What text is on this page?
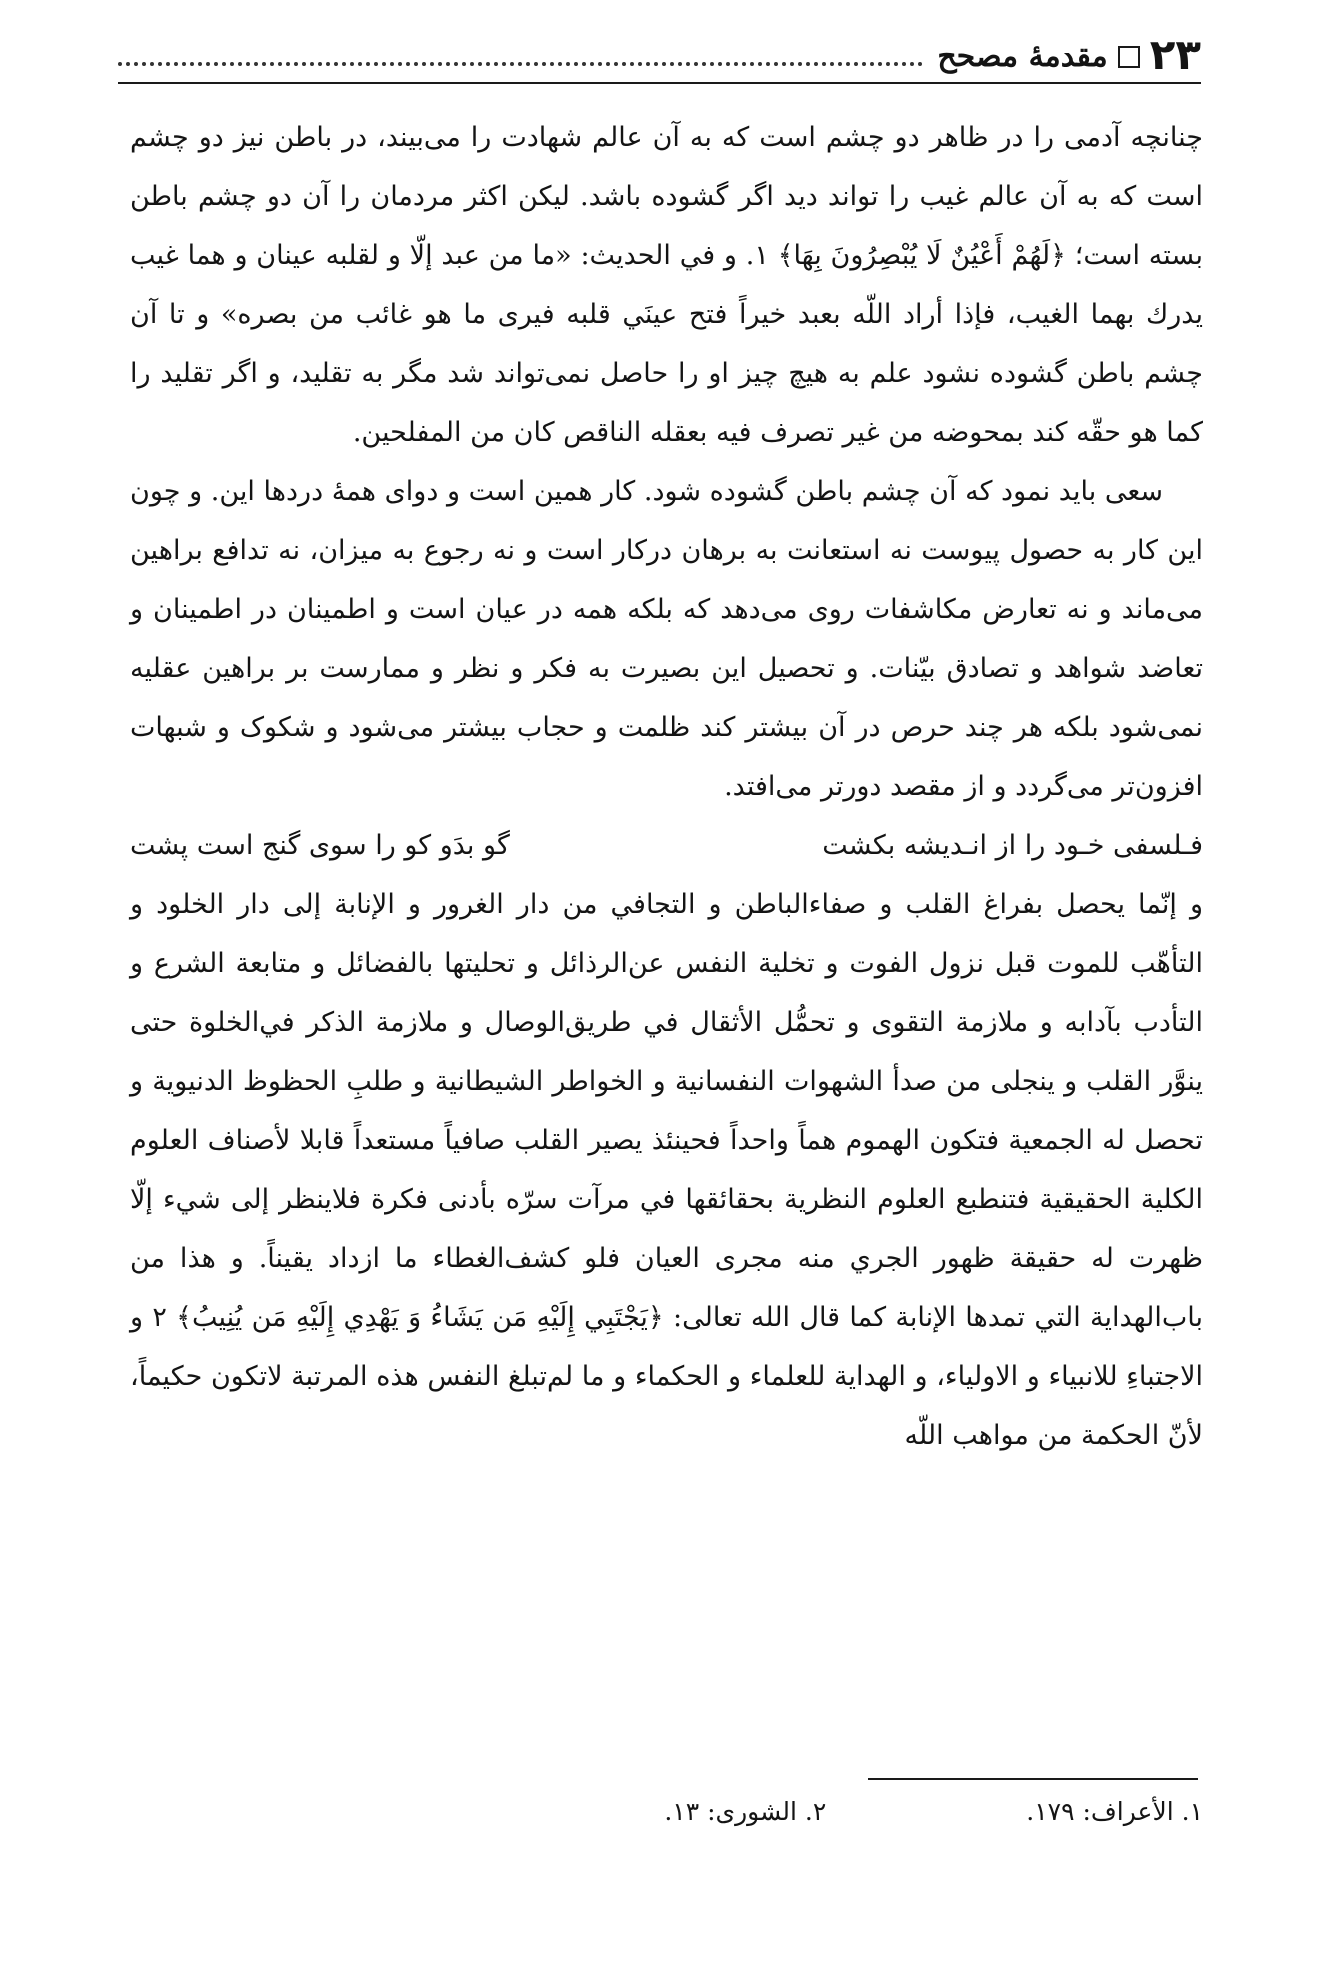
۲۳
مقدمهٔ مصحح

چنانچه آدمی را در ظاهر دو چشم است که به آن عالم شهادت را می‌بیند، در باطن نیز دو چشم است که به آن عالم غیب را تواند دید اگر گشوده باشد. لیکن اکثر مردمان را آن دو چشم باطن بسته است؛ ﴿لَهُمْ أَعْيُنٌ لَا يُبْصِرُونَ بِهَا﴾ ۱. و في الحديث: «ما من عبد إلّا و لقلبه عينان و هما غيب يدرك بهما الغيب، فإذا أراد اللّه بعبد خيراً فتح عينَي قلبه فيرى ما هو غائب من بصره» و تا آن چشم باطن گشوده نشود علم به هیچ چیز او را حاصل نمی‌تواند شد مگر به تقلید، و اگر تقلید را کما هو حقّه کند بمحوضه من غير تصرف فيه بعقله الناقص كان من المفلحين.

سعی باید نمود که آن چشم باطن گشوده شود. کار همین است و دوای همهٔ دردها این. و چون این کار به حصول پیوست نه استعانت به برهان درکار است و نه رجوع به میزان، نه تدافع براهین می‌ماند و نه تعارض مکاشفات روی می‌دهد که بلکه همه در عیان است و اطمینان در اطمینان و تعاضد شواهد و تصادق بیّنات. و تحصیل این بصیرت به فکر و نظر و ممارست بر براهین عقلیه نمی‌شود بلکه هر چند حرص در آن بیشتر کند ظلمت و حجاب بیشتر می‌شود و شکوک و شبهات افزون‌تر می‌گردد و از مقصد دورتر می‌افتد.

فـلسفی خـود را از انـدیشه بکشت
گو بدَو کو را سوی گنج است پشت

و إنّما يحصل بفراغ القلب و صفاءالباطن و التجافي من دار الغرور و الإنابة إلى دار الخلود و التأهّب للموت قبل نزول الفوت و تخلية النفس عن‌الرذائل و تحليتها بالفضائل و متابعة الشرع و التأدب بآدابه و ملازمة التقوى و تحمُّل الأثقال في طريق‌الوصال و ملازمة الذكر في‌الخلوة حتى ينوَّر القلب و ينجلی من صدأ الشهوات النفسانية و الخواطر الشيطانية و طلبِ الحظوظ الدنيوية و تحصل له الجمعية فتكون الهموم هماً واحداً فحينئذ يصير القلب صافياً مستعداً قابلا لأصناف العلوم الكلية الحقيقية فتنطبع العلوم النظرية بحقائقها في مرآت سرّه بأدنى فكرة فلاينظر إلى شيء إلّا ظهرت له حقيقة ظهور الجري منه مجرى العيان فلو كشف‌الغطاء ما ازداد يقيناً. و هذا من باب‌الهداية التي تمدها الإنابة كما قال الله تعالى: ﴿يَجْتَبِي إِلَيْهِ مَن يَشَاءُ وَ يَهْدِي إِلَيْهِ مَن يُنِيبُ﴾ ۲ و الاجتباءِ للانبياء و الاولياء، و الهداية للعلماء و الحكماء و ما لم‌تبلغ النفس هذه المرتبة لاتكون حكيماً، لأنّ الحكمة من مواهب اللّه

۱. الأعراف: ۱۷۹.
۲. الشورى: ۱۳.
